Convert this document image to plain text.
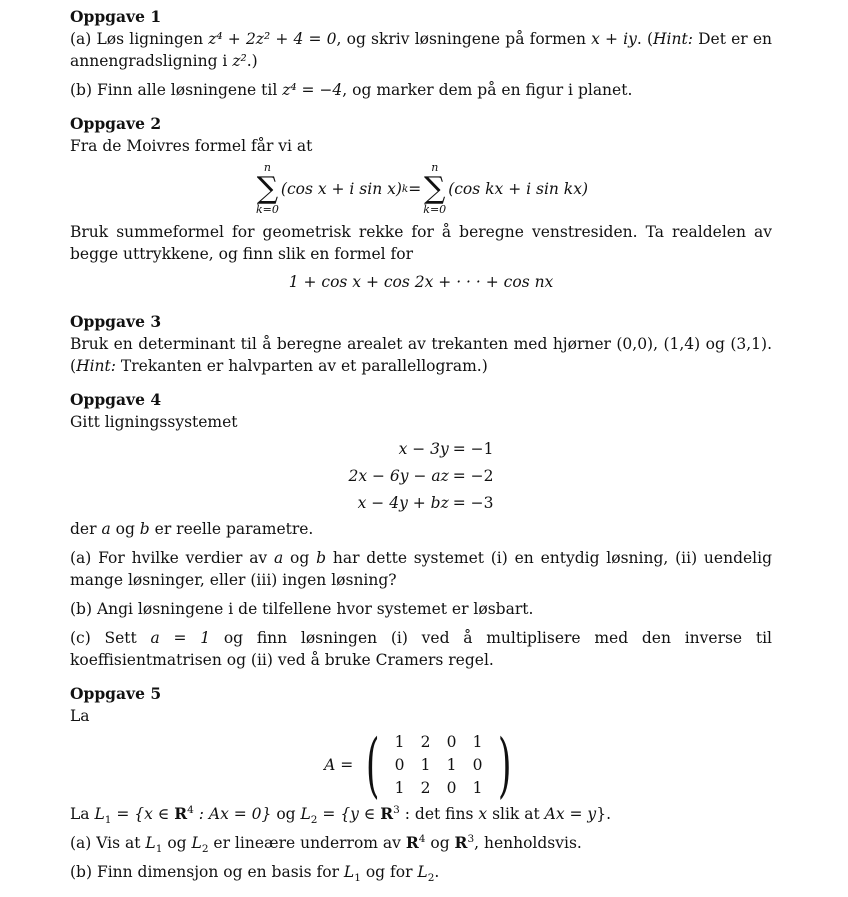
Oppgave 1

(a) Løs ligningen z⁴ + 2z² + 4 = 0, og skriv løsningene på formen x + iy. (Hint: Det er en annengradsligning i z².)

(b) Finn alle løsningene til z⁴ = −4, og marker dem på en figur i planet.

Oppgave 2

Fra de Moivres formel får vi at

n
∑
k=0
(cos x + i sin x) k =
n
∑
k=0
(cos kx + i sin kx)

Bruk summeformel for geometrisk rekke for å beregne venstresiden. Ta realdelen av begge uttrykkene, og finn slik en formel for

1 + cos x + cos 2x + · · · + cos nx
Oppgave 3

Bruk en determinant til å beregne arealet av trekanten med hjørner (0,0), (1,4) og (3,1). (Hint: Trekanten er halvparten av et parallellogram.)

Oppgave 4

Gitt ligningssystemet

x − 3y	= −1
2x − 6y − az	= −2
x − 4y + bz	= −3

der a og b er reelle parametre.

(a) For hvilke verdier av a og b har dette systemet (i) en entydig løsning, (ii) uendelig mange løsninger, eller (iii) ingen løsning?

(b) Angi løsningene i de tilfellene hvor systemet er løsbart.

(c) Sett a = 1 og finn løsningen (i) ved å multiplisere med den inverse til koeffisientmatrisen og (ii) ved å bruke Cramers regel.

Oppgave 5

La

A = ( 1	2	0	1
0	1	1	0
1	2	0	1 )

La $L_1 = \{x$ ∈ $R^4$ : Ax = 0} og $L_2 = \{y$ ∈ $R^3$ : det fins x slik at Ax = y}.

(a) Vis at $L_1$ og $L_2$ er lineære underrom av $R^4$ og $R^3$, henholdsvis.

(b) Finn dimensjon og en basis for $L_1$ og for $L_2$.
